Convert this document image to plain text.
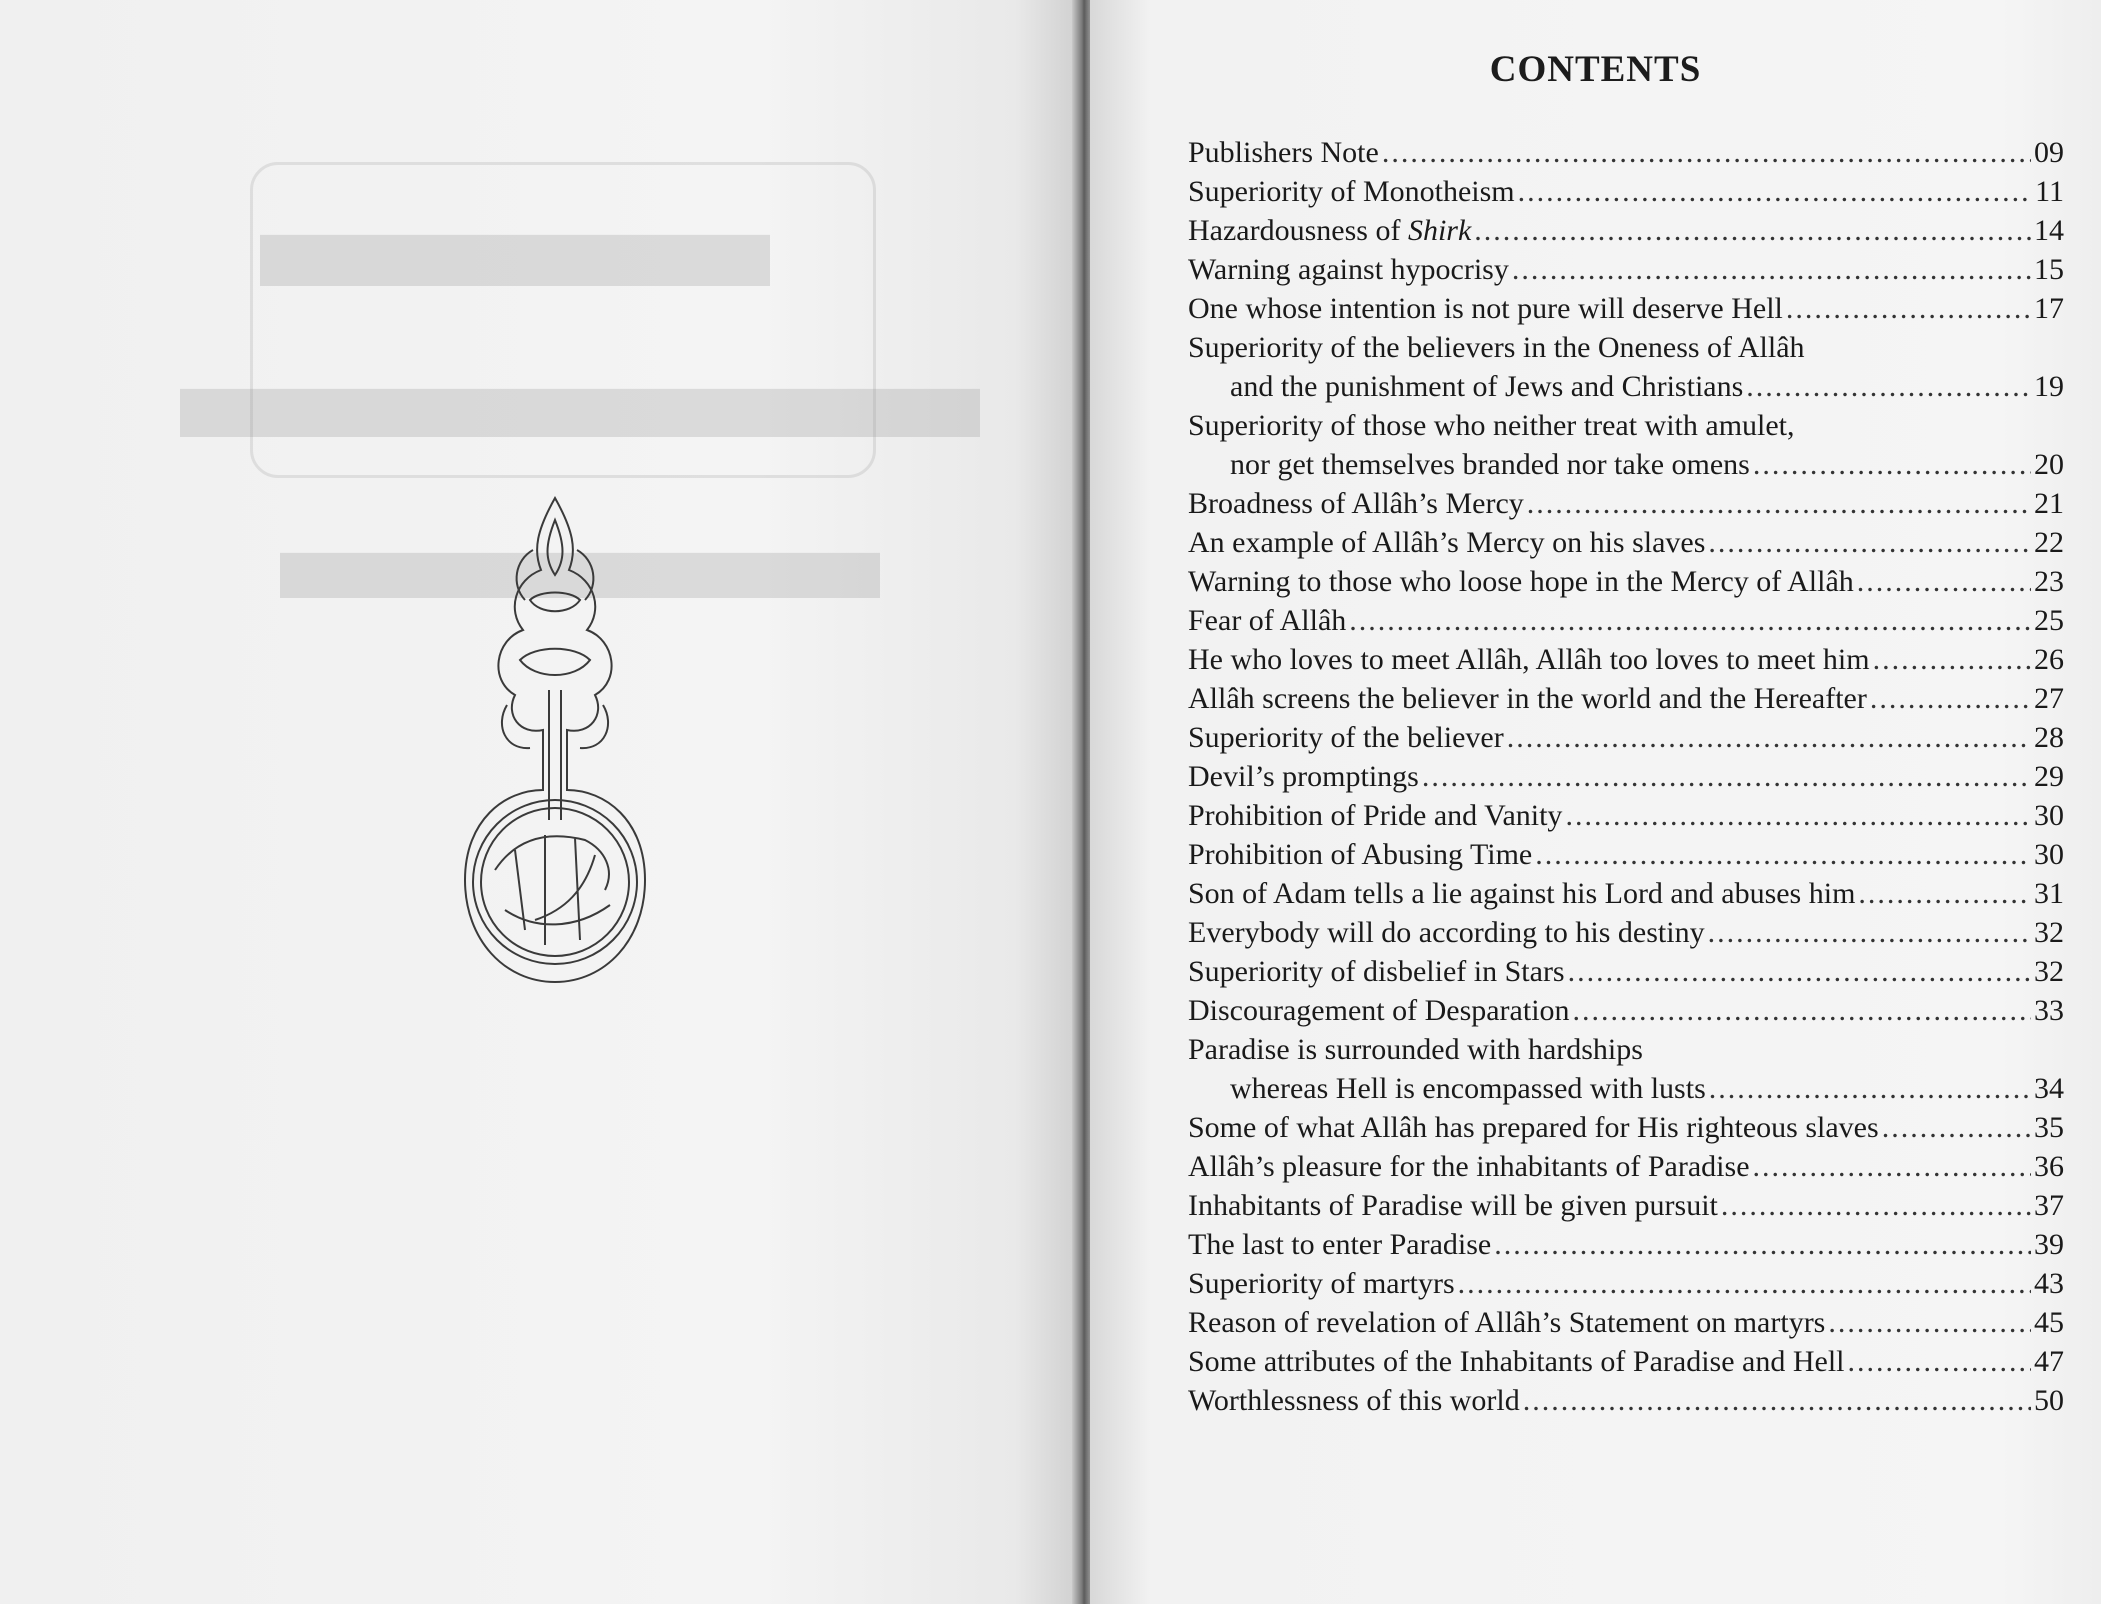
▬▬▬
▬▬▬▬▬
▬▬▬▬
CONTENTS
Publishers Note .....	09
Superiority of Monotheism .....	11
Hazardousness of Shirk .....	14
Warning against hypocrisy .....	15
One whose intention is not pure will deserve Hell .....	17
Superiority of the believers in the Oneness of Allâh
and the punishment of Jews and Christians .....	19
Superiority of those who neither treat with amulet,
nor get themselves branded nor take omens .....	20
Broadness of Allâh’s Mercy .....	21
An example of Allâh’s Mercy on his slaves .....	22
Warning to those who loose hope in the Mercy of Allâh .....	23
Fear of Allâh .....	25
He who loves to meet Allâh, Allâh too loves to meet him .....	26
Allâh screens the believer in the world and the Hereafter .....	27
Superiority of the believer .....	28
Devil’s promptings .....	29
Prohibition of Pride and Vanity .....	30
Prohibition of Abusing Time .....	30
Son of Adam tells a lie against his Lord and abuses him .....	31
Everybody will do according to his destiny .....	32
Superiority of disbelief in Stars .....	32
Discouragement of Desparation .....	33
Paradise is surrounded with hardships
whereas Hell is encompassed with lusts .....	34
Some of what Allâh has prepared for His righteous slaves .....	35
Allâh’s pleasure for the inhabitants of Paradise .....	36
Inhabitants of Paradise will be given pursuit .....	37
The last to enter Paradise .....	39
Superiority of martyrs .....	43
Reason of revelation of Allâh’s Statement on martyrs .....	45
Some attributes of the Inhabitants of Paradise and Hell .....	47
Worthlessness of this world .....	50
